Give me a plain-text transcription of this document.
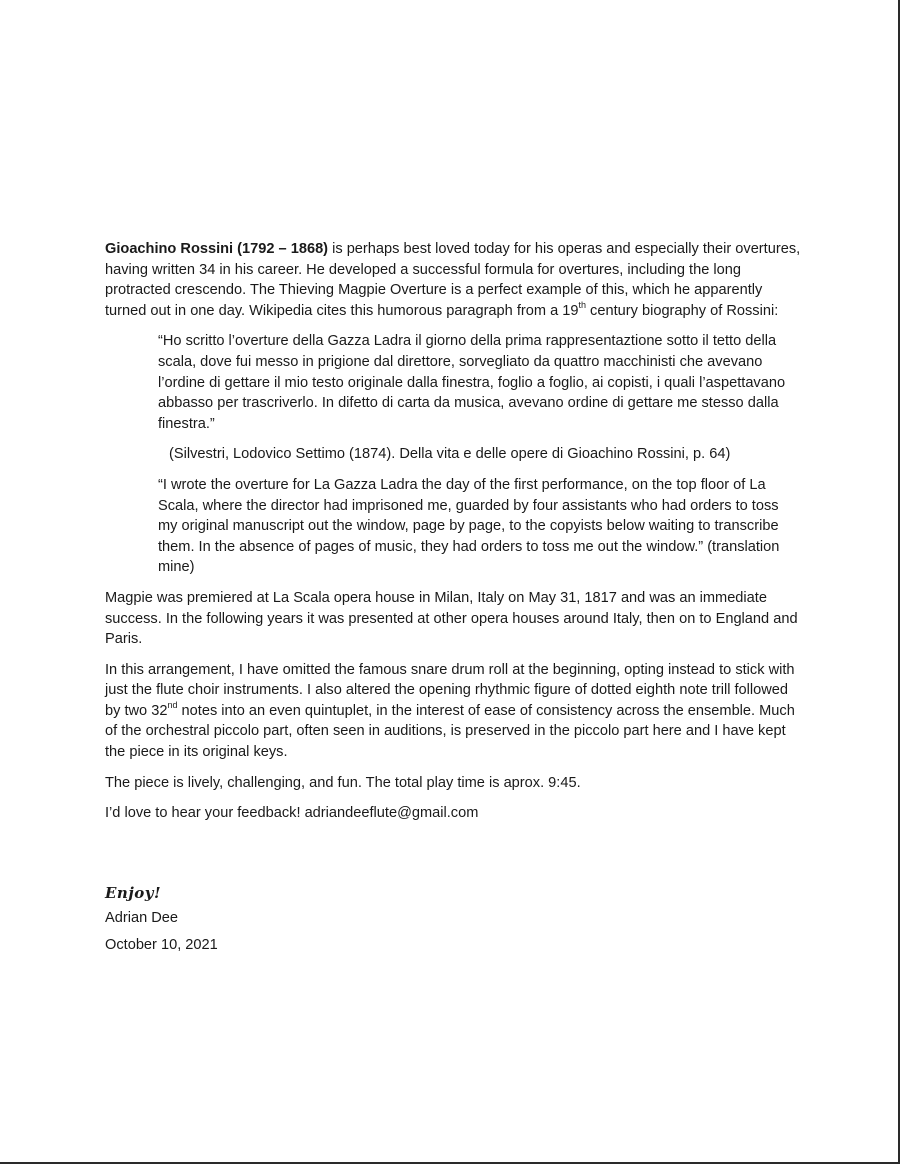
Gioachino Rossini (1792 – 1868) is perhaps best loved today for his operas and especially their overtures, having written 34 in his career. He developed a successful formula for overtures, including the long protracted crescendo. The Thieving Magpie Overture is a perfect example of this, which he apparently turned out in one day. Wikipedia cites this humorous paragraph from a 19th century biography of Rossini:

“Ho scritto l’overture della Gazza Ladra il giorno della prima rappresentaztione sotto il tetto della scala, dove fui messo in prigione dal direttore, sorvegliato da quattro macchinisti che avevano l’ordine di gettare il mio testo originale dalla finestra, foglio a foglio, ai copisti, i quali l’aspettavano abbasso per trascriverlo. In difetto di carta da musica, avevano ordine di gettare me stesso dalla finestra.”

(Silvestri, Lodovico Settimo (1874). Della vita e delle opere di Gioachino Rossini, p. 64)

“I wrote the overture for La Gazza Ladra the day of the first performance, on the top floor of La Scala, where the director had imprisoned me, guarded by four assistants who had orders to toss my original manuscript out the window, page by page, to the copyists below waiting to transcribe them. In the absence of pages of music, they had orders to toss me out the window.” (translation mine)

Magpie was premiered at La Scala opera house in Milan, Italy on May 31, 1817 and was an immediate success. In the following years it was presented at other opera houses around Italy, then on to England and Paris.

In this arrangement, I have omitted the famous snare drum roll at the beginning, opting instead to stick with just the flute choir instruments. I also altered the opening rhythmic figure of dotted eighth note trill followed by two 32nd notes into an even quintuplet, in the interest of ease of consistency across the ensemble. Much of the orchestral piccolo part, often seen in auditions, is preserved in the piccolo part here and I have kept the piece in its original keys.

The piece is lively, challenging, and fun. The total play time is aprox. 9:45.

I’d love to hear your feedback! adriandeeflute@gmail.com

Enjoy!
Adrian Dee
October 10, 2021
